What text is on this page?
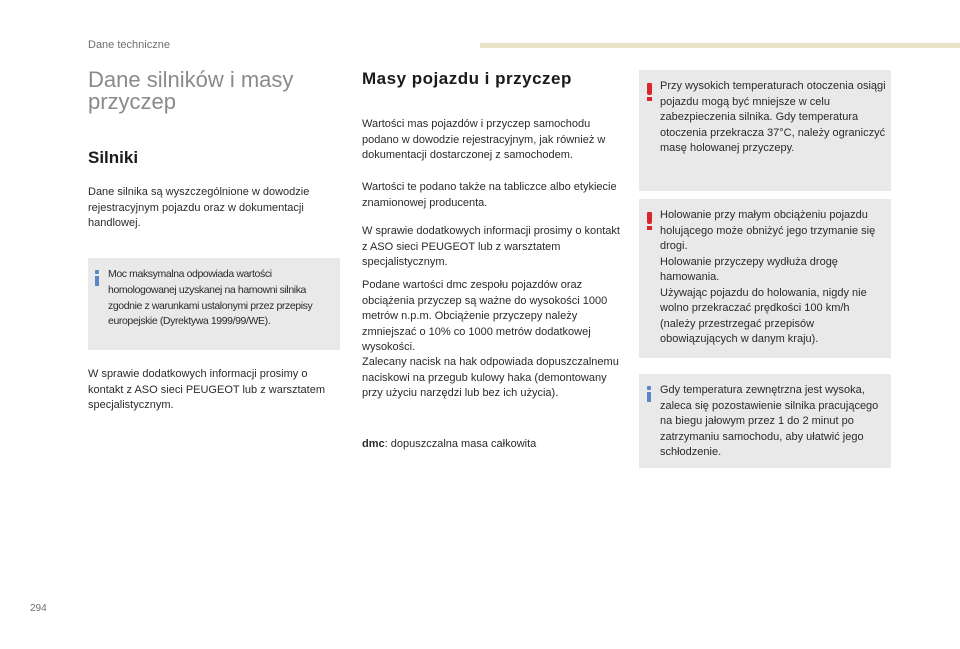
Dane techniczne
Dane silników i masy przyczep
Silniki

Dane silnika są wyszczególnione w dowodzie rejestracyjnym pojazdu oraz w dokumentacji handlowej.

Moc maksymalna odpowiada wartości homologowanej uzyskanej na hamowni silnika zgodnie z warunkami ustalonymi przez przepisy europejskie (Dyrektywa 1999/99/WE).

W sprawie dodatkowych informacji prosimy o kontakt z ASO sieci PEUGEOT lub z warsztatem specjalistycznym.

Masy pojazdu i przyczep

Wartości mas pojazdów i przyczep samochodu podano w dowodzie rejestracyjnym, jak również w dokumentacji dostarczonej z samochodem.

Wartości te podano także na tabliczce albo etykiecie znamionowej producenta.

W sprawie dodatkowych informacji prosimy o kontakt z ASO sieci PEUGEOT lub z warsztatem specjalistycznym.

Podane wartości dmc zespołu pojazdów oraz obciążenia przyczep są ważne do wysokości 1000 metrów n.p.m. Obciążenie przyczepy należy zmniejszać o 10% co 1000 metrów dodatkowej wysokości.

Zalecany nacisk na hak odpowiada dopuszczalnemu naciskowi na przegub kulowy haka (demontowany przy użyciu narzędzi lub bez ich użycia).

dmc: dopuszczalna masa całkowita

Przy wysokich temperaturach otoczenia osiągi pojazdu mogą być mniejsze w celu zabezpieczenia silnika. Gdy temperatura otoczenia przekracza 37°C, należy ograniczyć masę holowanej przyczepy.

Holowanie przy małym obciążeniu pojazdu holującego może obniżyć jego trzymanie się drogi.

Holowanie przyczepy wydłuża drogę hamowania.

Używając pojazdu do holowania, nigdy nie wolno przekraczać prędkości 100 km/h (należy przestrzegać przepisów obowiązujących w danym kraju).

Gdy temperatura zewnętrzna jest wysoka, zaleca się pozostawienie silnika pracującego na biegu jałowym przez 1 do 2 minut po zatrzymaniu samochodu, aby ułatwić jego schłodzenie.

294
